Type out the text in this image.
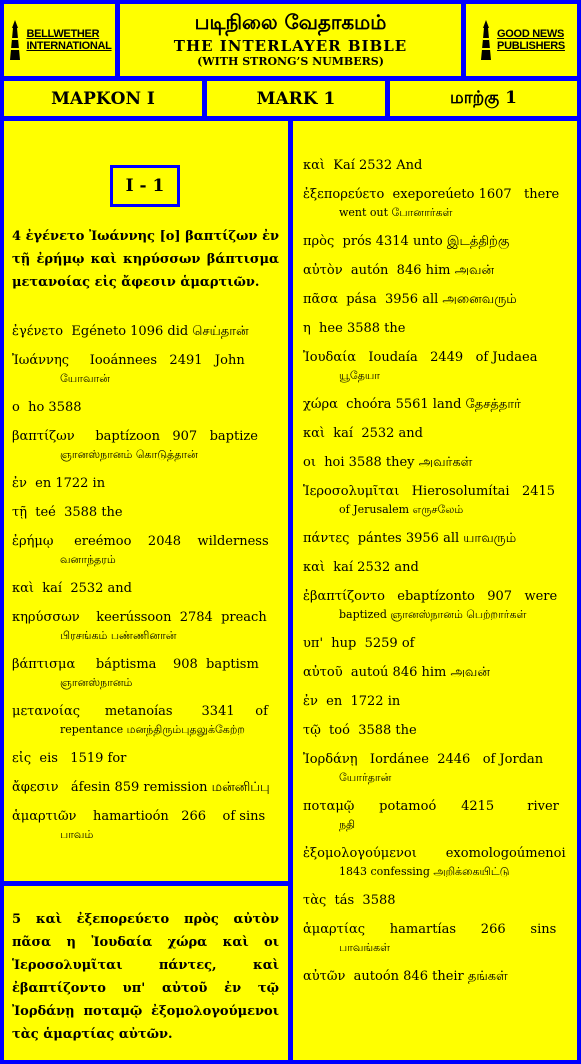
BELLWETHER
INTERNATIONAL
படிநிலை வேதாகமம்
THE INTERLAYER BIBLE
(WITH STRONG’S NUMBERS)
GOOD NEWS
PUBLISHERS
ΜΑΡΚΟΝ Ι	MARK 1	மாற்கு 1
I - 1
4 ἐγένετο Ἰωάννης [ο] βαπτίζων ἐν τῇ ἐρήμῳ καὶ κηρύσσων βάπτισμα μετανοίας εἰς ἄφεσιν ἁμαρτιῶν.
ἐγένετο  Egéneto 1096 did செய்தான்
Ἰωάννης     Iooánnees   2491   John
யோவான்
ο  ho 3588
βαπτίζων     baptízoon   907   baptize
ஞானஸ்நானம் கொடுத்தான்
ἐν  en 1722 in
τῇ  teé  3588 the
ἐρήμῳ     ereémoo    2048    wilderness
வனாந்தரம்
καὶ  kaí  2532 and
κηρύσσων    keerússoon  2784  preach
பிரசங்கம் பண்ணினான்
βάπτισμα     báptisma    908  baptism
ஞானஸ்நானம்
μετανοίας      metanoías       3341     of
repentance மனந்திரும்புதலுக்கேற்ற
εἰς  eis   1519 for
ἄφεσιν   áfesin 859 remission மன்னிப்பு
ἁμαρτιῶν    hamartioón   266    of sins
பாவம்
5 καὶ ἐξεπορεύετο πρὸς αὐτὸν πᾶσα η Ἰουδαία χώρα καὶ οι Ἱεροσολυμῖται πάντες, καὶ ἐβαπτίζοντο υπ' αὐτοῦ ἐν τῷ Ἰορδάνῃ ποταμῷ ἐξομολογούμενοι τὰς ἁμαρτίας αὐτῶν.
καὶ  Kaí 2532 And
ἐξεπορεύετο  exeporeúeto 1607   there
went out போனார்கள்
πρὸς  prós 4314 unto இடத்திற்கு
αὐτὸν  autón  846 him அவன்
πᾶσα  pása  3956 all அனைவரும்
η  hee 3588 the
Ἰουδαία   Ioudaía   2449   of Judaea
யூதேயா
χώρα  choóra 5561 land தேசத்தார்
καὶ  kaí  2532 and
οι  hoi 3588 they அவர்கள்
Ἱεροσολυμῖται   Hierosolumítai   2415
of Jerusalem எருசலேம்
πάντες  pántes 3956 all யாவரும்
καὶ  kaí 2532 and
ἐβαπτίζοντο   ebaptízonto   907   were
baptized ஞானஸ்நானம் பெற்றார்கள்
υπ'  hup  5259 of
αὐτοῦ  autoú 846 him அவன்
ἐν  en  1722 in
τῷ  toó  3588 the
Ἰορδάνῃ   Iordánee  2446   of Jordan
யோர்தான்
ποταμῷ      potamoó      4215        river
நதி
ἐξομολογούμενοι       exomologoúmenoi
1843 confessing அறிக்கையிட்டு
τὰς  tás  3588
ἁμαρτίας      hamartías      266      sins
பாவங்கள்
αὐτῶν  autoón 846 their தங்கள்
